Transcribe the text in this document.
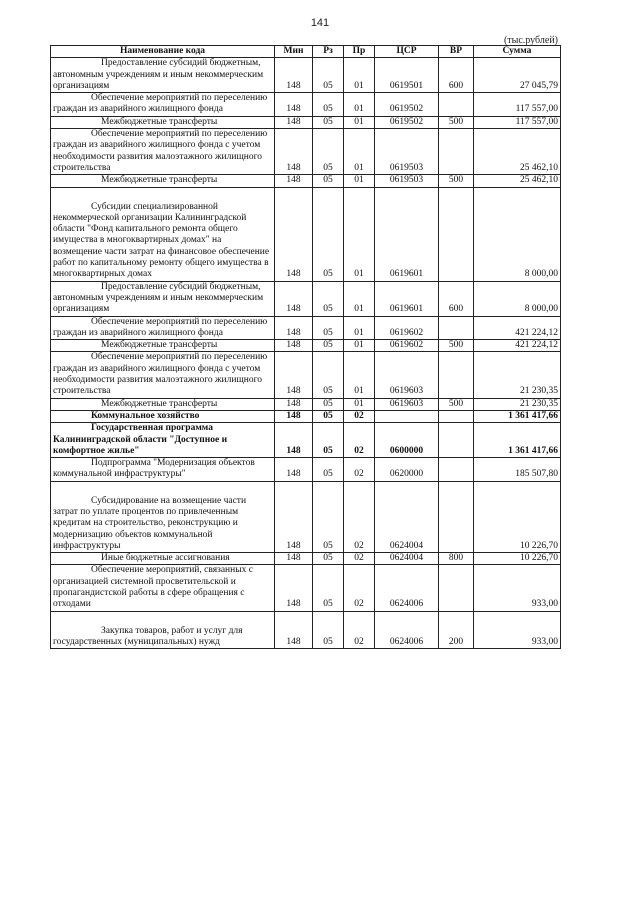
141
(тыс.рублей)
Наименование кода	Мин	Рз	Пр	ЦСР	ВР	Сумма
Предоставление субсидий бюджетным, автономным учреждениям и иным некоммерческим организациям	148	05	01	0619501	600	27 045,79
Обеспечение мероприятий по переселению граждан из аварийного жилищного фонда	148	05	01	0619502		117 557,00
Межбюджетные трансферты	148	05	01	0619502	500	117 557,00
Обеспечение мероприятий по переселению граждан из аварийного жилищного фонда с учетом необходимости развития малоэтажного жилищного строительства	148	05	01	0619503		25 462,10
Межбюджетные трансферты	148	05	01	0619503	500	25 462,10
Субсидии специализированной некоммерческой организации Калининградской области "Фонд капитального ремонта общего имущества в многоквартирных домах" на возмещение части затрат на финансовое обеспечение работ по капитальному ремонту общего имущества в многоквартирных домах	148	05	01	0619601		8 000,00
Предоставление субсидий бюджетным, автономным учреждениям и иным некоммерческим организациям	148	05	01	0619601	600	8 000,00
Обеспечение мероприятий по переселению граждан из аварийного жилищного фонда	148	05	01	0619602		421 224,12
Межбюджетные трансферты	148	05	01	0619602	500	421 224,12
Обеспечение мероприятий по переселению граждан из аварийного жилищного фонда с учетом необходимости развития малоэтажного жилищного строительства	148	05	01	0619603		21 230,35
Межбюджетные трансферты	148	05	01	0619603	500	21 230,35
Коммунальное хозяйство	148	05	02			1 361 417,66
Государственная программа Калининградской области "Доступное и комфортное жилье"	148	05	02	0600000		1 361 417,66
Подпрограмма "Модернизация объектов коммунальной инфраструктуры"	148	05	02	0620000		185 507,80
Субсидирование на возмещение части затрат по уплате процентов по привлеченным кредитам на строительство, реконструкцию и модернизацию объектов коммунальной инфраструктуры	148	05	02	0624004		10 226,70
Иные бюджетные ассигнования	148	05	02	0624004	800	10 226,70
Обеспечение мероприятий, связанных с организацией системной просветительской и пропагандистской работы в сфере обращения с отходами	148	05	02	0624006		933,00
Закупка товаров, работ и услуг для государственных (муниципальных) нужд	148	05	02	0624006	200	933,00
